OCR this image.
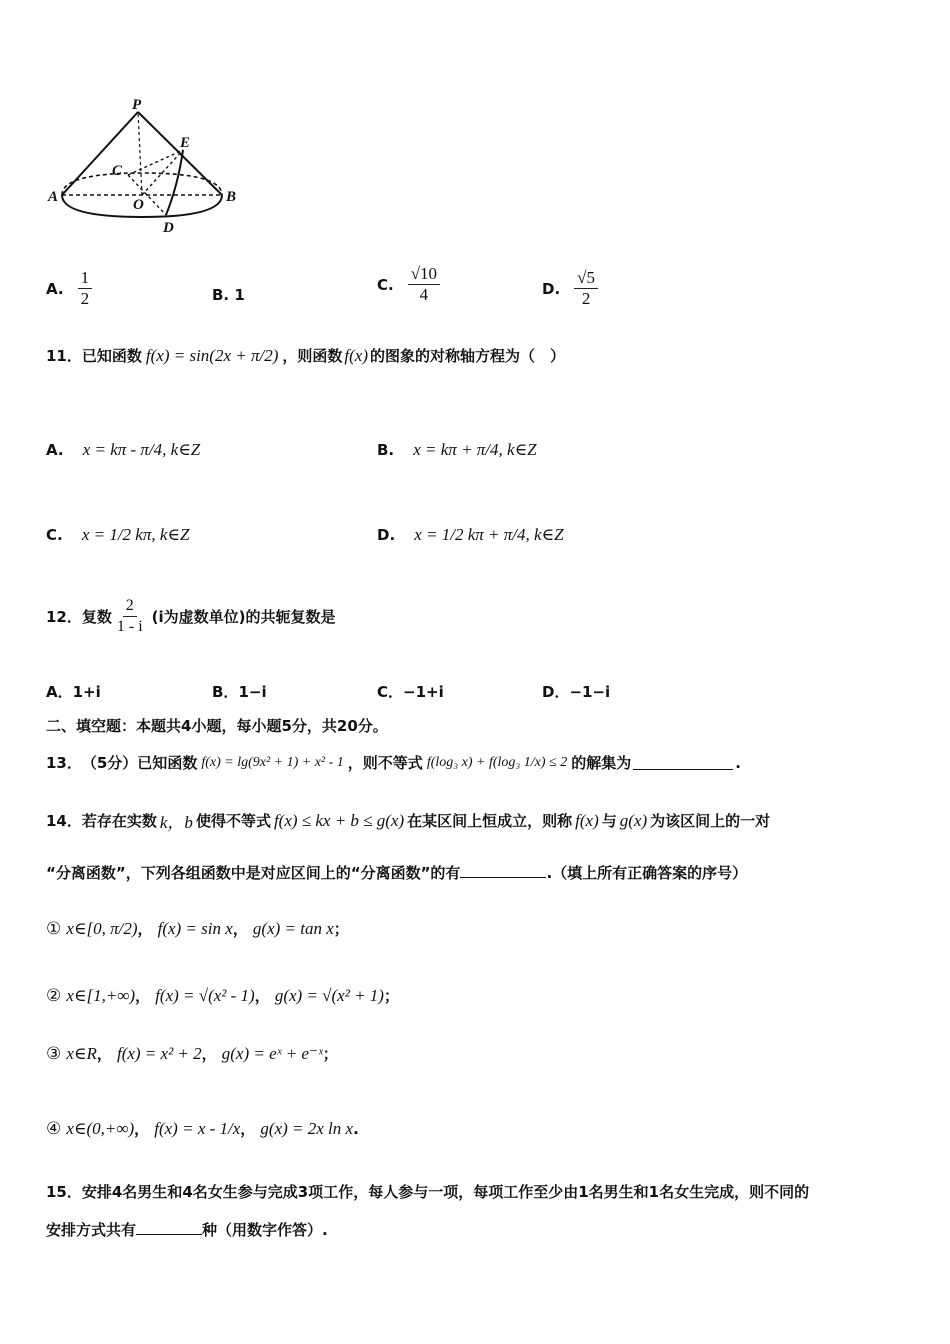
P
E
C
A	O	B
D
A. $\frac{1}{2}$	B. 1
C. $\frac{√10}{4}$	D. $\frac{√5}{2}$
11． 已知函数 f(x) = sin(2x + π/2) ，则函数 f(x) 的图象的对称轴方程为（　）
A. x = kπ - π/4, k∈Z	B. x = kπ + π/4, k∈Z
C. x = 1/2 kπ, k∈Z	D. x = 1/2 kπ + π/4, k∈Z
12． 复数 $\frac{2}{1 - i} (i$为虚数单位)的共轭复数是
A．1+i	B．1−i	C．−1+i	D．−1−i
二、填空题：本题共4小题，每小题5分，共20分。
13． （5分）已知函数 f(x) = lg(9x² + 1) + x² - 1 ，则不等式 f(log₃ x) + f(log₃ 1/x) ≤ 2 的解集为	.
14． 若存在实数 k，b 使得不等式 f(x) ≤ kx + b ≤ g(x) 在某区间上恒成立，则称 f(x) 与 g(x) 为该区间上的一对
“分离函数”，下列各组函数中是对应区间上的“分离函数”的有	.（填上所有正确答案的序号）
① x∈[0, π/2)， f(x) = sin x， g(x) = tan x；
② x∈[1,+∞)， f(x) = √(x² - 1)， g(x) = √(x² + 1)；
③ x∈R， f(x) = x² + 2， g(x) = eˣ + e⁻ˣ；
④ x∈(0,+∞)， f(x) = x - 1/x， g(x) = 2x ln x.
15．安排4名男生和4名女生参与完成3项工作，每人参与一项，每项工作至少由1名男生和1名女生完成，则不同的
安排方式共有	种（用数字作答）.
